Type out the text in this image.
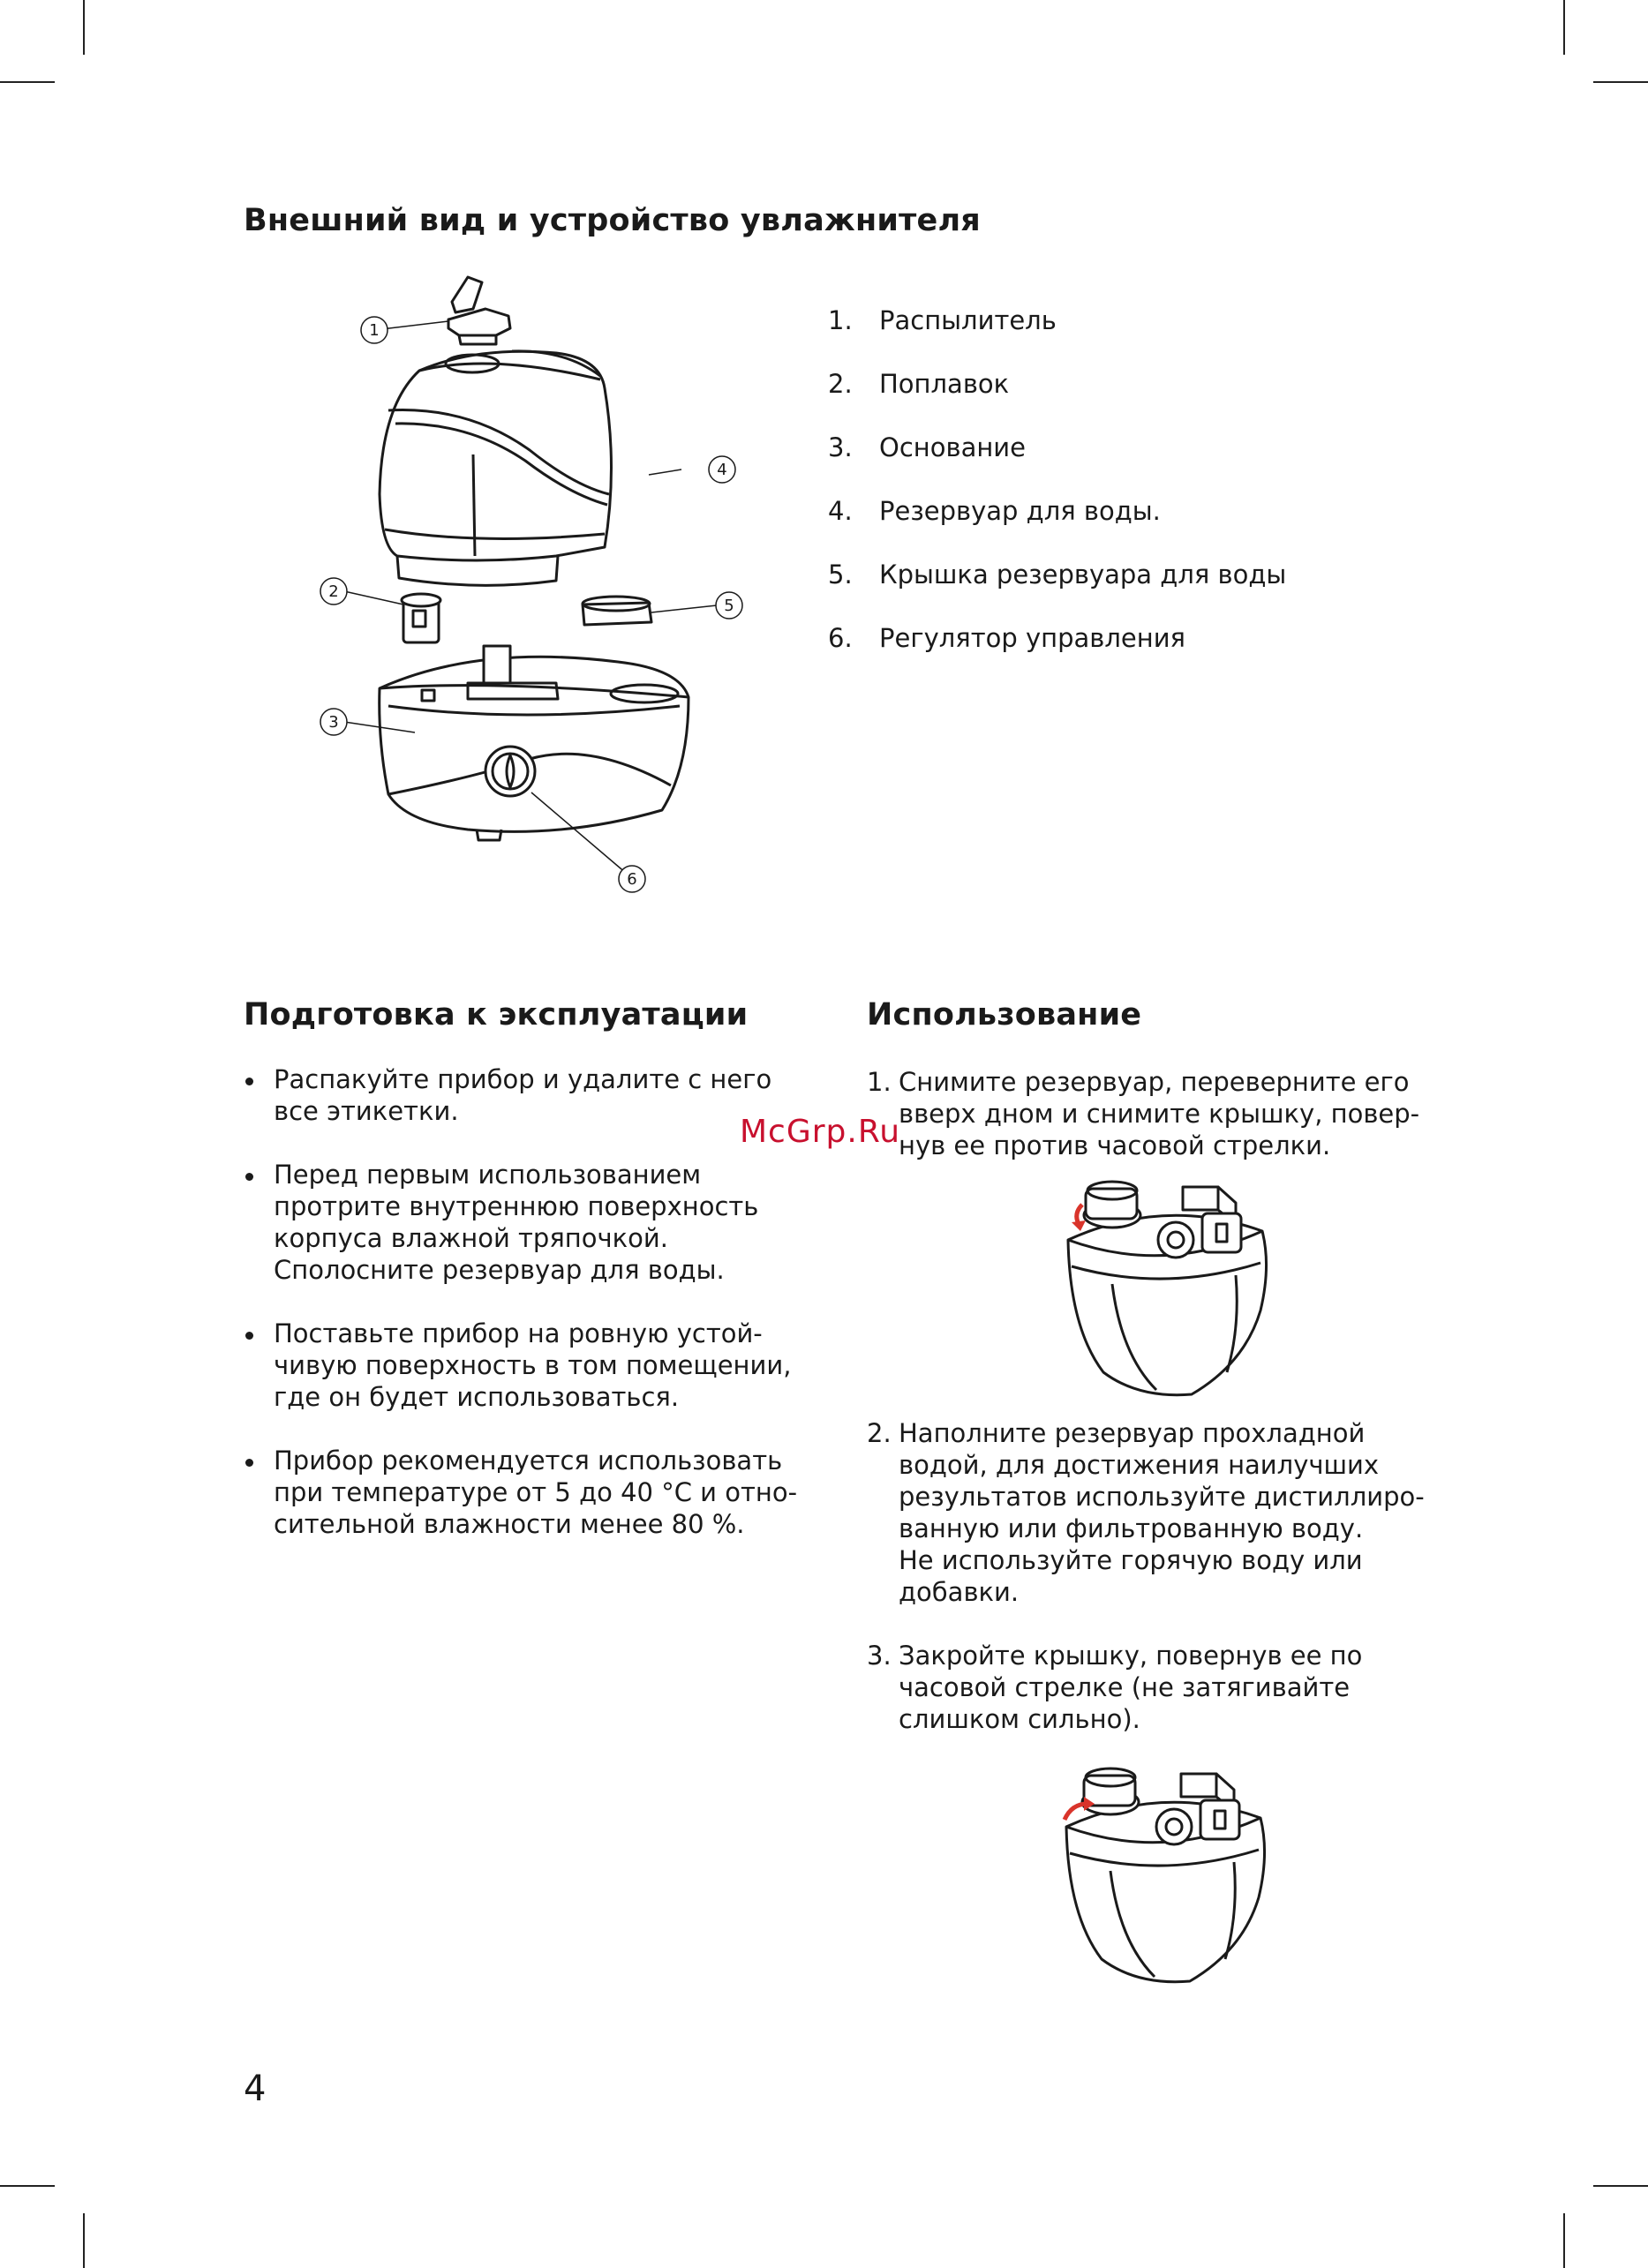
Внешний вид и устройство увлажнителя
1
4
2
5
3
6
1.	Распылитель
2.	Поплавок
3.	Основание
4.	Резервуар для воды.
5.	Крышка резервуара для воды
6.	Регулятор управления
Подготовка к эксплуатации
Распакуйте прибор и удалите с него
все этикетки.
Перед первым использованием
протрите внутреннюю поверхность
корпуса влажной тряпочкой.
Сполосните резервуар для воды.
Поставьте прибор на ровную устой-
чивую поверхность в том помещении,
где он будет использоваться.
Прибор рекомендуется использовать
при температуре от 5 до 40 °С и отно-
сительной влажности менее 80 %.
Использование
1. Снимите резервуар, переверните его
вверх дном и снимите крышку, повер-
нув ее против часовой стрелки.
2. Наполните резервуар прохладной
водой, для достижения наилучших
результатов используйте дистиллиро-
ванную или фильтрованную воду.
Не используйте горячую воду или
добавки.
3. Закройте крышку, повернув ее по
часовой стрелке (не затягивайте
слишком сильно).
McGrp.Ru
4
